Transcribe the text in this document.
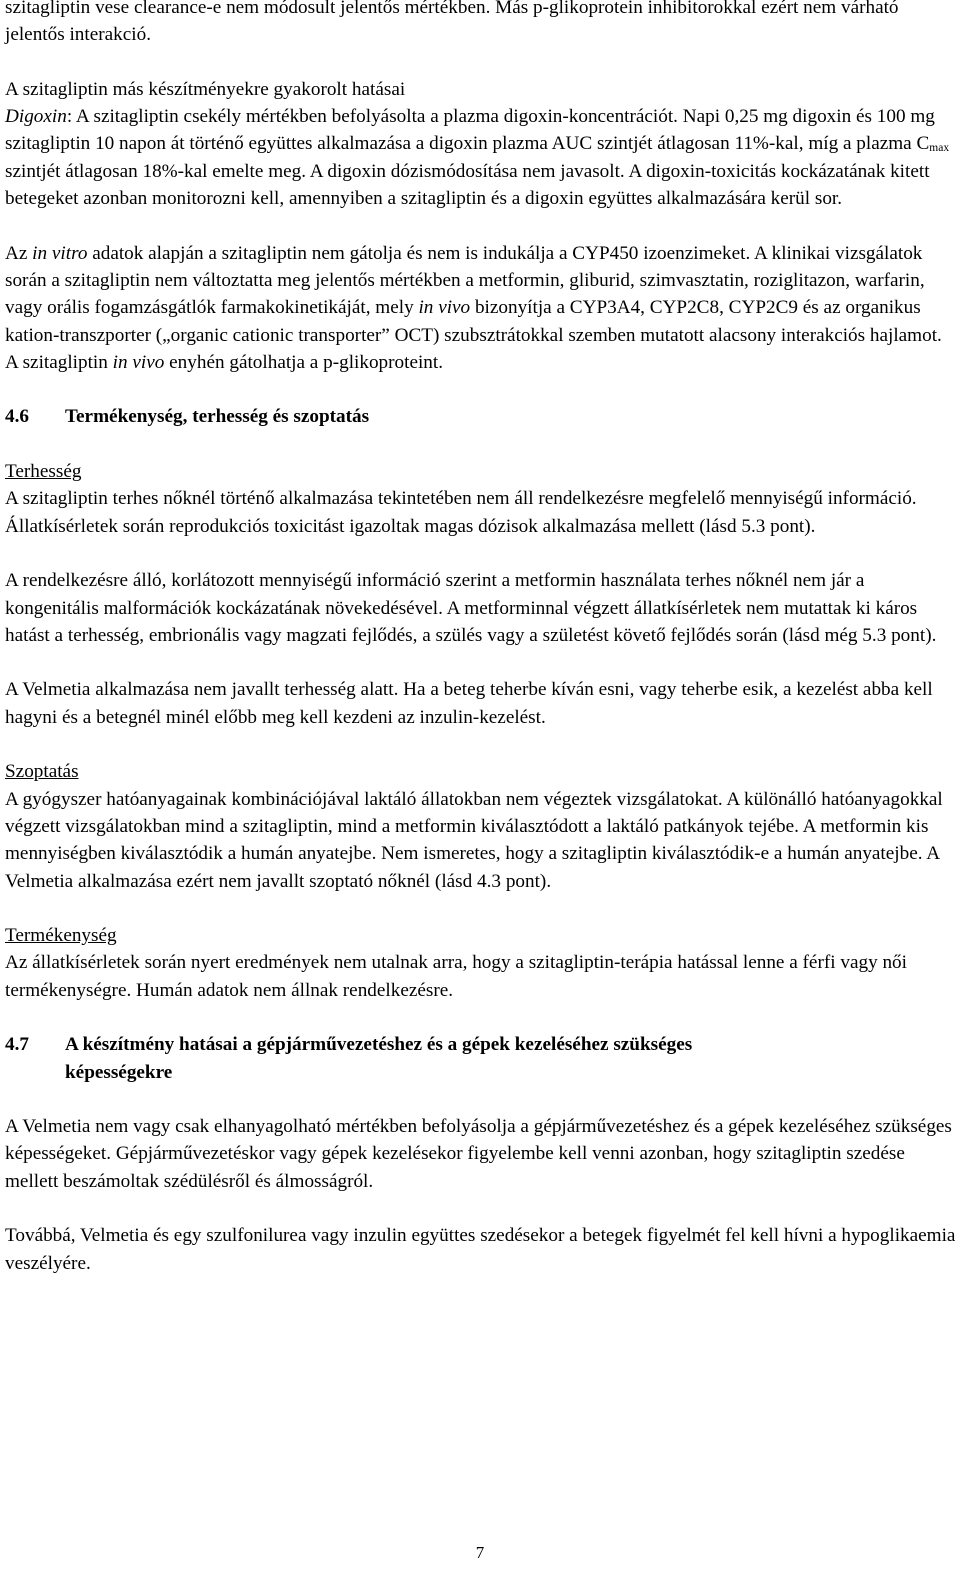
szitagliptin vese clearance-e nem módosult jelentős mértékben. Más p-glikoprotein inhibitorokkal ezért nem várható jelentős interakció.

A szitagliptin más készítményekre gyakorolt hatásai

Digoxin: A szitagliptin csekély mértékben befolyásolta a plazma digoxin-koncentrációt. Napi 0,25 mg digoxin és 100 mg szitagliptin 10 napon át történő együttes alkalmazása a digoxin plazma AUC szintjét átlagosan 11%-kal, míg a plazma $C_{max}$ szintjét átlagosan 18%-kal emelte meg. A digoxin dózismódosítása nem javasolt. A digoxin-toxicitás kockázatának kitett betegeket azonban monitorozni kell, amennyiben a szitagliptin és a digoxin együttes alkalmazására kerül sor.

Az in vitro adatok alapján a szitagliptin nem gátolja és nem is indukálja a CYP450 izoenzimeket. A klinikai vizsgálatok során a szitagliptin nem változtatta meg jelentős mértékben a metformin, gliburid, szimvasztatin, roziglitazon, warfarin, vagy orális fogamzásgátlók farmakokinetikáját, mely in vivo bizonyítja a CYP3A4, CYP2C8, CYP2C9 és az organikus kation-transzporter („organic cationic transporter” OCT) szubsztrátokkal szemben mutatott alacsony interakciós hajlamot. A szitagliptin in vivo enyhén gátolhatja a p-glikoproteint.

4.6 Termékenység, terhesség és szoptatás

Terhesség

A szitagliptin terhes nőknél történő alkalmazása tekintetében nem áll rendelkezésre megfelelő mennyiségű információ. Állatkísérletek során reprodukciós toxicitást igazoltak magas dózisok alkalmazása mellett (lásd 5.3 pont).

A rendelkezésre álló, korlátozott mennyiségű információ szerint a metformin használata terhes nőknél nem jár a kongenitális malformációk kockázatának növekedésével. A metforminnal végzett állatkísérletek nem mutattak ki káros hatást a terhesség, embrionális vagy magzati fejlődés, a szülés vagy a születést követő fejlődés során (lásd még 5.3 pont).

A Velmetia alkalmazása nem javallt terhesség alatt. Ha a beteg teherbe kíván esni, vagy teherbe esik, a kezelést abba kell hagyni és a betegnél minél előbb meg kell kezdeni az inzulin-kezelést.

Szoptatás

A gyógyszer hatóanyagainak kombinációjával laktáló állatokban nem végeztek vizsgálatokat. A különálló hatóanyagokkal végzett vizsgálatokban mind a szitagliptin, mind a metformin kiválasztódott a laktáló patkányok tejébe. A metformin kis mennyiségben kiválasztódik a humán anyatejbe. Nem ismeretes, hogy a szitagliptin kiválasztódik-e a humán anyatejbe. A Velmetia alkalmazása ezért nem javallt szoptató nőknél (lásd 4.3 pont).

Termékenység

Az állatkísérletek során nyert eredmények nem utalnak arra, hogy a szitagliptin-terápia hatással lenne a férfi vagy női termékenységre. Humán adatok nem állnak rendelkezésre.

4.7 A készítmény hatásai a gépjárművezetéshez és a gépek kezeléséhez szükséges

képességekre

A Velmetia nem vagy csak elhanyagolható mértékben befolyásolja a gépjárművezetéshez és a gépek kezeléséhez szükséges képességeket. Gépjárművezetéskor vagy gépek kezelésekor figyelembe kell venni azonban, hogy szitagliptin szedése mellett beszámoltak szédülésről és álmosságról.

Továbbá, Velmetia és egy szulfonilurea vagy inzulin együttes szedésekor a betegek figyelmét fel kell hívni a hypoglikaemia veszélyére.

7
